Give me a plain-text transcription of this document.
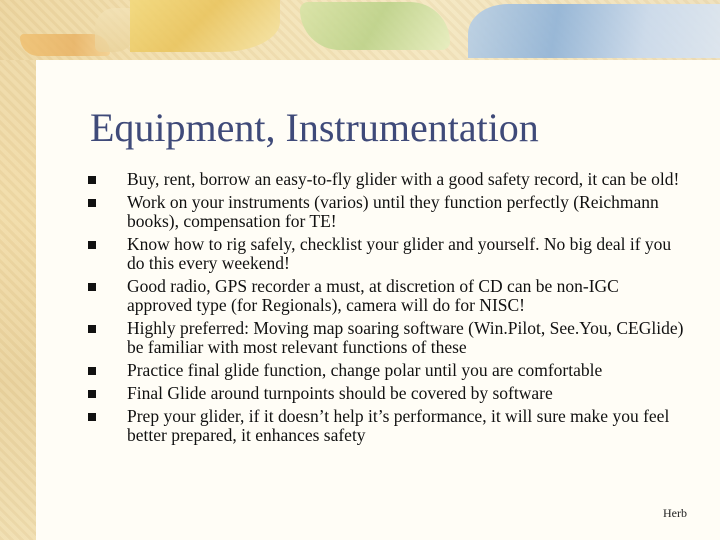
Equipment, Instrumentation
Buy, rent, borrow an easy-to-fly glider with a good safety record, it can be old!
Work on your instruments (varios) until they function perfectly (Reichmann books), compensation for TE!
Know how to rig safely, checklist your glider and yourself. No big deal if you do this every weekend!
Good radio, GPS recorder a must, at discretion of CD can be non-IGC approved type (for Regionals), camera will do for NISC!
Highly preferred: Moving map soaring software (Win.Pilot, See.You, CEGlide) be familiar with most relevant functions of these
Practice final glide function, change polar until you are comfortable
Final Glide around turnpoints should be covered by software
Prep your glider, if it doesn’t help it’s performance, it will sure make you feel better prepared, it enhances safety
Herb
